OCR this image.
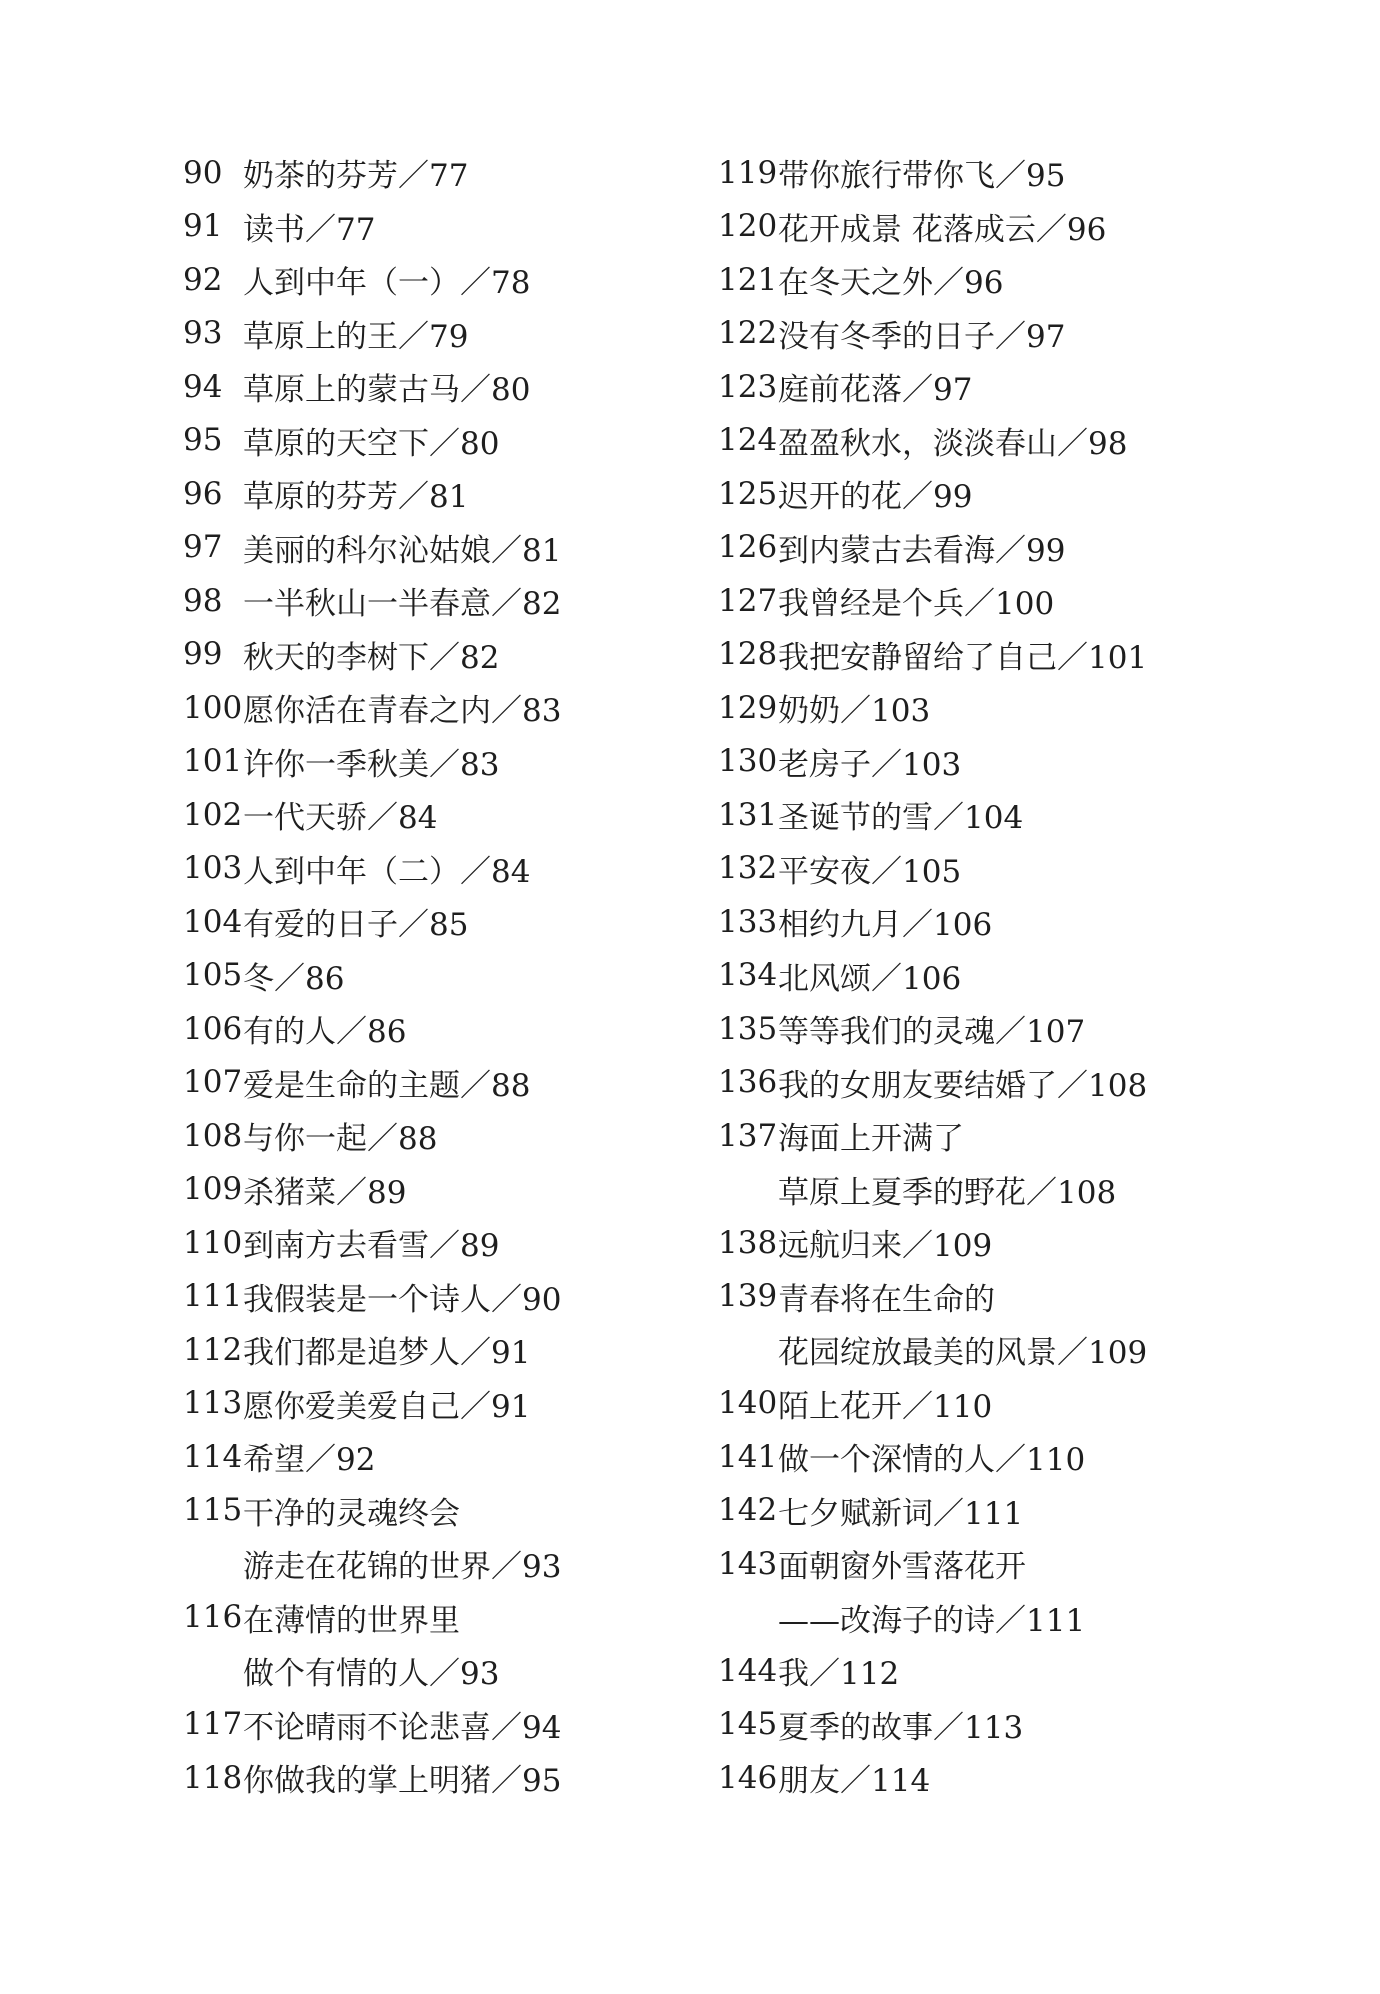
90 奶茶的芬芳／77
91 读书／77
92 人到中年（一）／78
93 草原上的王／79
94 草原上的蒙古马／80
95 草原的天空下／80
96 草原的芬芳／81
97 美丽的科尔沁姑娘／81
98 一半秋山一半春意／82
99 秋天的李树下／82
100 愿你活在青春之内／83
101 许你一季秋美／83
102 一代天骄／84
103 人到中年（二）／84
104 有爱的日子／85
105 冬／86
106 有的人／86
107 爱是生命的主题／88
108 与你一起／88
109 杀猪菜／89
110 到南方去看雪／89
111 我假装是一个诗人／90
112 我们都是追梦人／91
113 愿你爱美爱自己／91
114 希望／92
115 干净的灵魂终会
游走在花锦的世界／93
116 在薄情的世界里
做个有情的人／93
117 不论晴雨不论悲喜／94
118 你做我的掌上明猪／95
119 带你旅行带你飞／95
120 花开成景 花落成云／96
121 在冬天之外／96
122 没有冬季的日子／97
123 庭前花落／97
124 盈盈秋水，淡淡春山／98
125 迟开的花／99
126 到内蒙古去看海／99
127 我曾经是个兵／100
128 我把安静留给了自己／101
129 奶奶／103
130 老房子／103
131 圣诞节的雪／104
132 平安夜／105
133 相约九月／106
134 北风颂／106
135 等等我们的灵魂／107
136 我的女朋友要结婚了／108
137 海面上开满了
草原上夏季的野花／108
138 远航归来／109
139 青春将在生命的
花园绽放最美的风景／109
140 陌上花开／110
141 做一个深情的人／110
142 七夕赋新词／111
143 面朝窗外雪落花开
——改海子的诗／111
144 我／112
145 夏季的故事／113
146 朋友／114
